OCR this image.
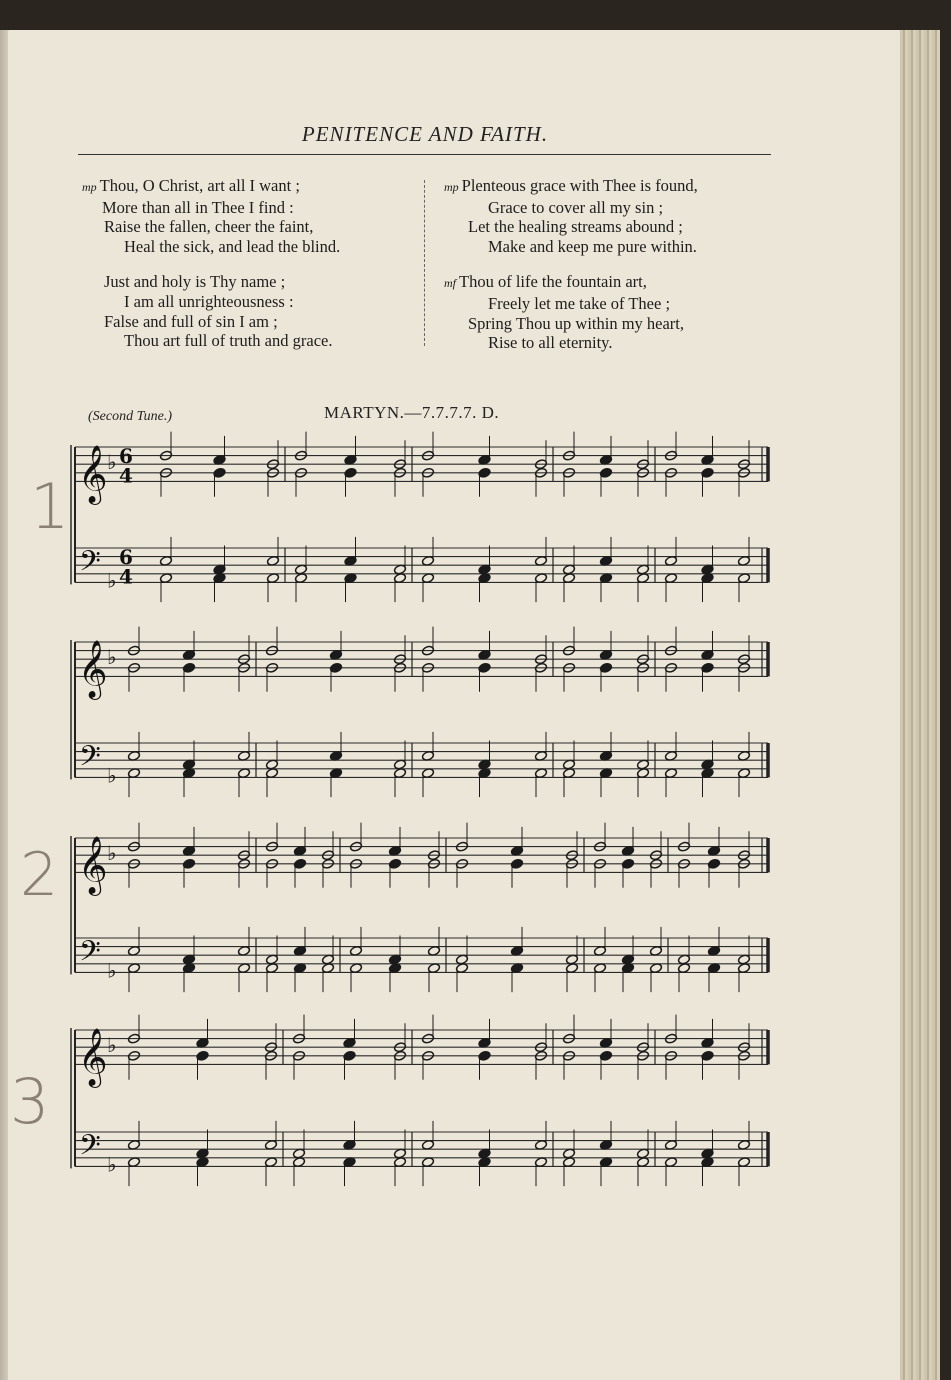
PENITENCE AND FAITH.
mp Thou, O Christ, art all I want ;
More than all in Thee I find :
Raise the fallen, cheer the faint,
Heal the sick, and lead the blind.
Just and holy is Thy name ;
I am all unrighteousness :
False and full of sin I am ;
Thou art full of truth and grace.
mp Plenteous grace with Thee is found,
Grace to cover all my sin ;
Let the healing streams abound ;
Make and keep me pure within.
mf Thou of life the fountain art,
Freely let me take of Thee ;
Spring Thou up within my heart,
Rise to all eternity.
(Second Tune.)	MARTYN.—7.7.7.7. D.
𝄞
𝄢
♭
♭
6
4
6
4
𝄞
𝄢
♭
♭
𝄞
𝄢
♭
♭
𝄞
𝄢
♭
♭
1
2
3
